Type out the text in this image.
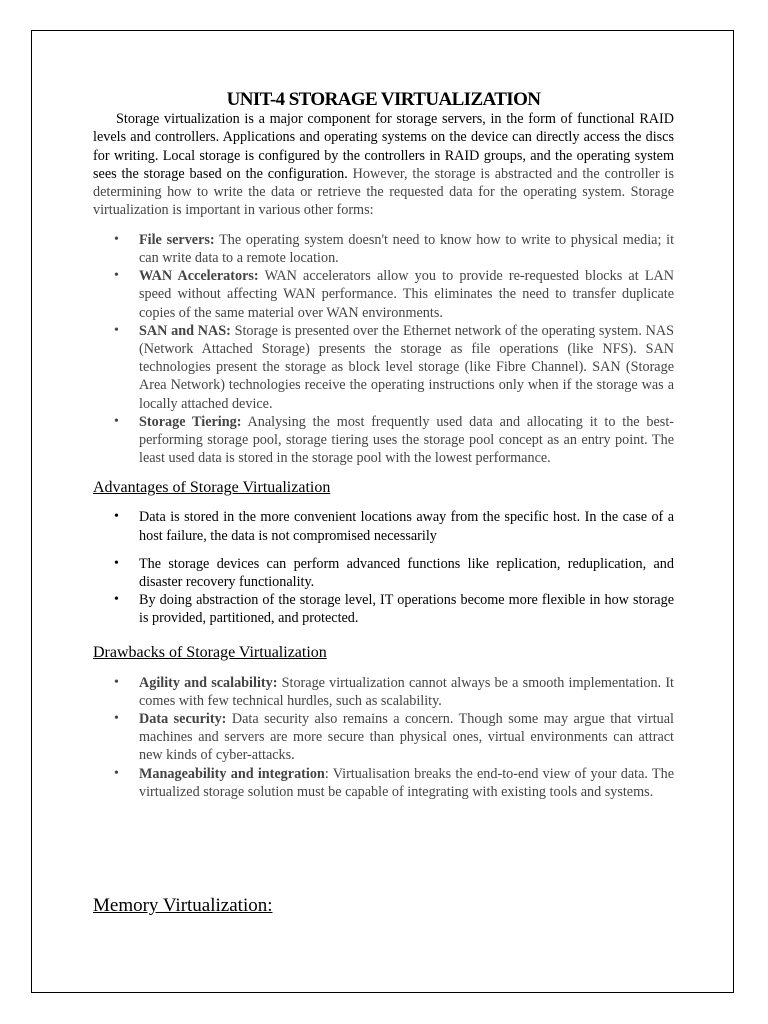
UNIT-4 STORAGE VIRTUALIZATION

Storage virtualization is a major component for storage servers, in the form of functional RAID levels and controllers. Applications and operating systems on the device can directly access the discs for writing. Local storage is configured by the controllers in RAID groups, and the operating system sees the storage based on the configuration. However, the storage is abstracted and the controller is determining how to write the data or retrieve the requested data for the operating system. Storage virtualization is important in various other forms:

• File servers: The operating system doesn't need to know how to write to physical media; it can write data to a remote location.
• WAN Accelerators: WAN accelerators allow you to provide re-requested blocks at LAN speed without affecting WAN performance. This eliminates the need to transfer duplicate copies of the same material over WAN environments.
• SAN and NAS: Storage is presented over the Ethernet network of the operating system. NAS (Network Attached Storage) presents the storage as file operations (like NFS). SAN technologies present the storage as block level storage (like Fibre Channel). SAN (Storage Area Network) technologies receive the operating instructions only when if the storage was a locally attached device.
• Storage Tiering: Analysing the most frequently used data and allocating it to the best-performing storage pool, storage tiering uses the storage pool concept as an entry point. The least used data is stored in the storage pool with the lowest performance.
Advantages of Storage Virtualization
• Data is stored in the more convenient locations away from the specific host. In the case of a host failure, the data is not compromised necessarily
• The storage devices can perform advanced functions like replication, reduplication, and disaster recovery functionality.
• By doing abstraction of the storage level, IT operations become more flexible in how storage is provided, partitioned, and protected.
Drawbacks of Storage Virtualization
• Agility and scalability: Storage virtualization cannot always be a smooth implementation. It comes with few technical hurdles, such as scalability.
• Data security: Data security also remains a concern. Though some may argue that virtual machines and servers are more secure than physical ones, virtual environments can attract new kinds of cyber-attacks.
• Manageability and integration: Virtualisation breaks the end-to-end view of your data. The virtualized storage solution must be capable of integrating with existing tools and systems.
Memory Virtualization:
